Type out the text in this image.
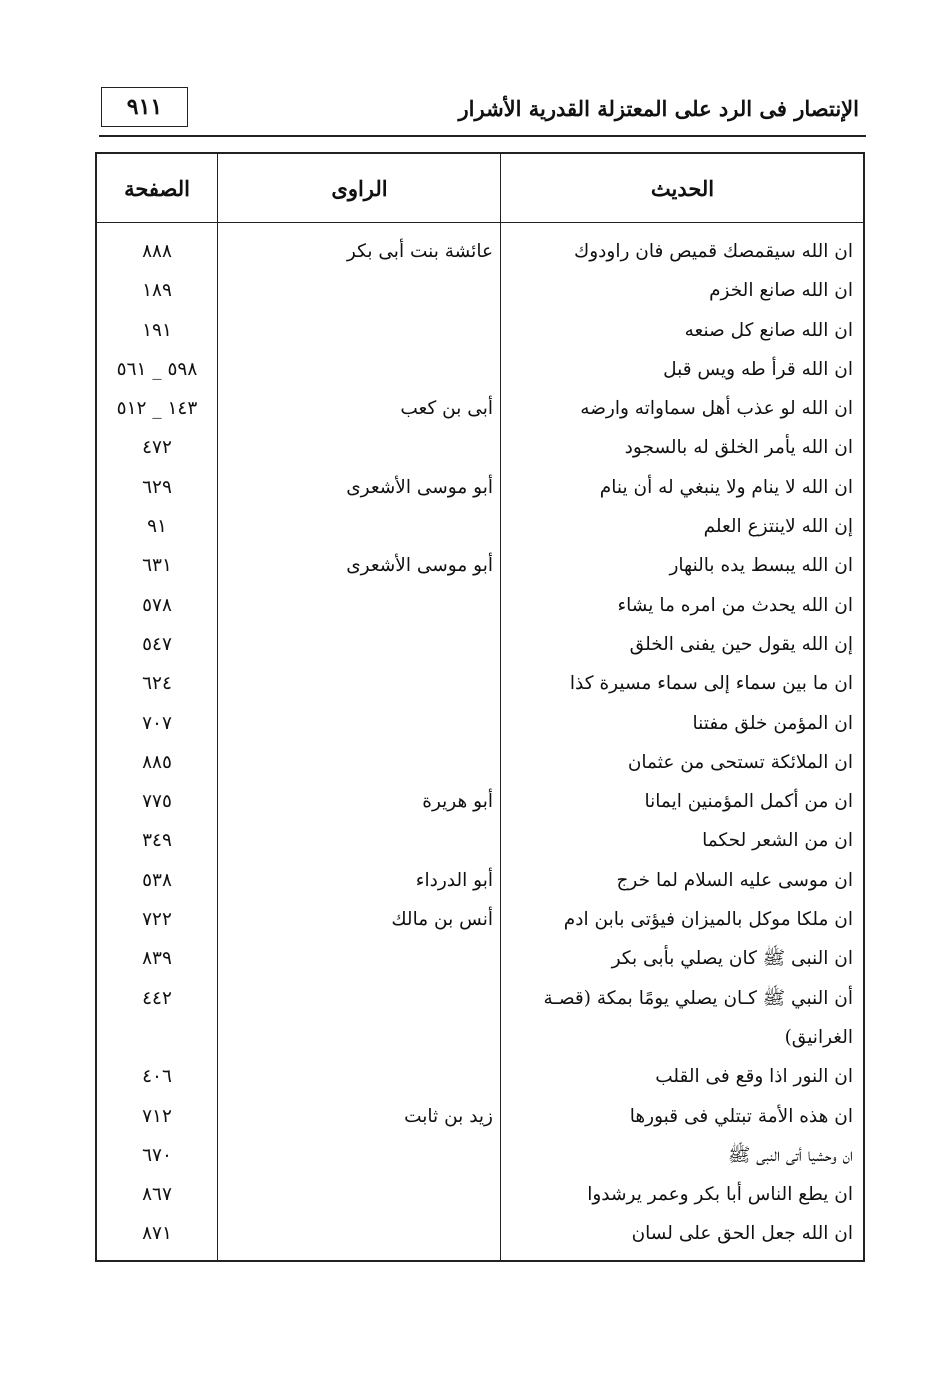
الإنتصار فى الرد على المعتزلة القدرية الأشرار
٩١١
الحديث
الراوى
الصفحة
ان الله سيقمصك قميص فان راودوك
عائشة بنت أبى بكر
٨٨٨
ان الله صانع الخزم
١٨٩
ان الله صانع كل صنعه
١٩١
ان الله قرأ طه ويس قبل
٥٩٨ _ ٥٦١
ان الله لو عذب أهل سماواته وارضه
أبى بن كعب
١٤٣ _ ٥١٢
ان الله يأمر الخلق له بالسجود
٤٧٢
ان الله لا ينام ولا ينبغي له أن ينام
أبو موسى الأشعرى
٦٢٩
إن الله لاينتزع العلم
٩١
ان الله يبسط يده بالنهار
أبو موسى الأشعرى
٦٣١
ان الله يحدث من امره ما يشاء
٥٧٨
إن الله يقول حين يفنى الخلق
٥٤٧
ان ما بين سماء إلى سماء مسيرة كذا
٦٢٤
ان المؤمن خلق مفتنا
٧٠٧
ان الملائكة تستحى من عثمان
٨٨٥
ان من أكمل المؤمنين ايمانا
أبو هريرة
٧٧٥
ان من الشعر لحكما
٣٤٩
ان موسى عليه السلام لما خرج
أبو الدرداء
٥٣٨
ان ملكا موكل بالميزان فيؤتى بابن ادم
أنس بن مالك
٧٢٢
ان النبى ﷺ كان يصلي بأبى بكر
٨٣٩
أن النبي ﷺ كـان يصلي يومًا بمكة (قصـة الغرانيق)
٤٤٢
ان النور اذا وقع فى القلب
٤٠٦
ان هذه الأمة تبتلي فى قبورها
زيد بن ثابت
٧١٢
ان وحشيا أتى النبى ﷺ
٦٧٠
ان يطع الناس أبا بكر وعمر يرشدوا
٨٦٧
ان الله جعل الحق على لسان
٨٧١
